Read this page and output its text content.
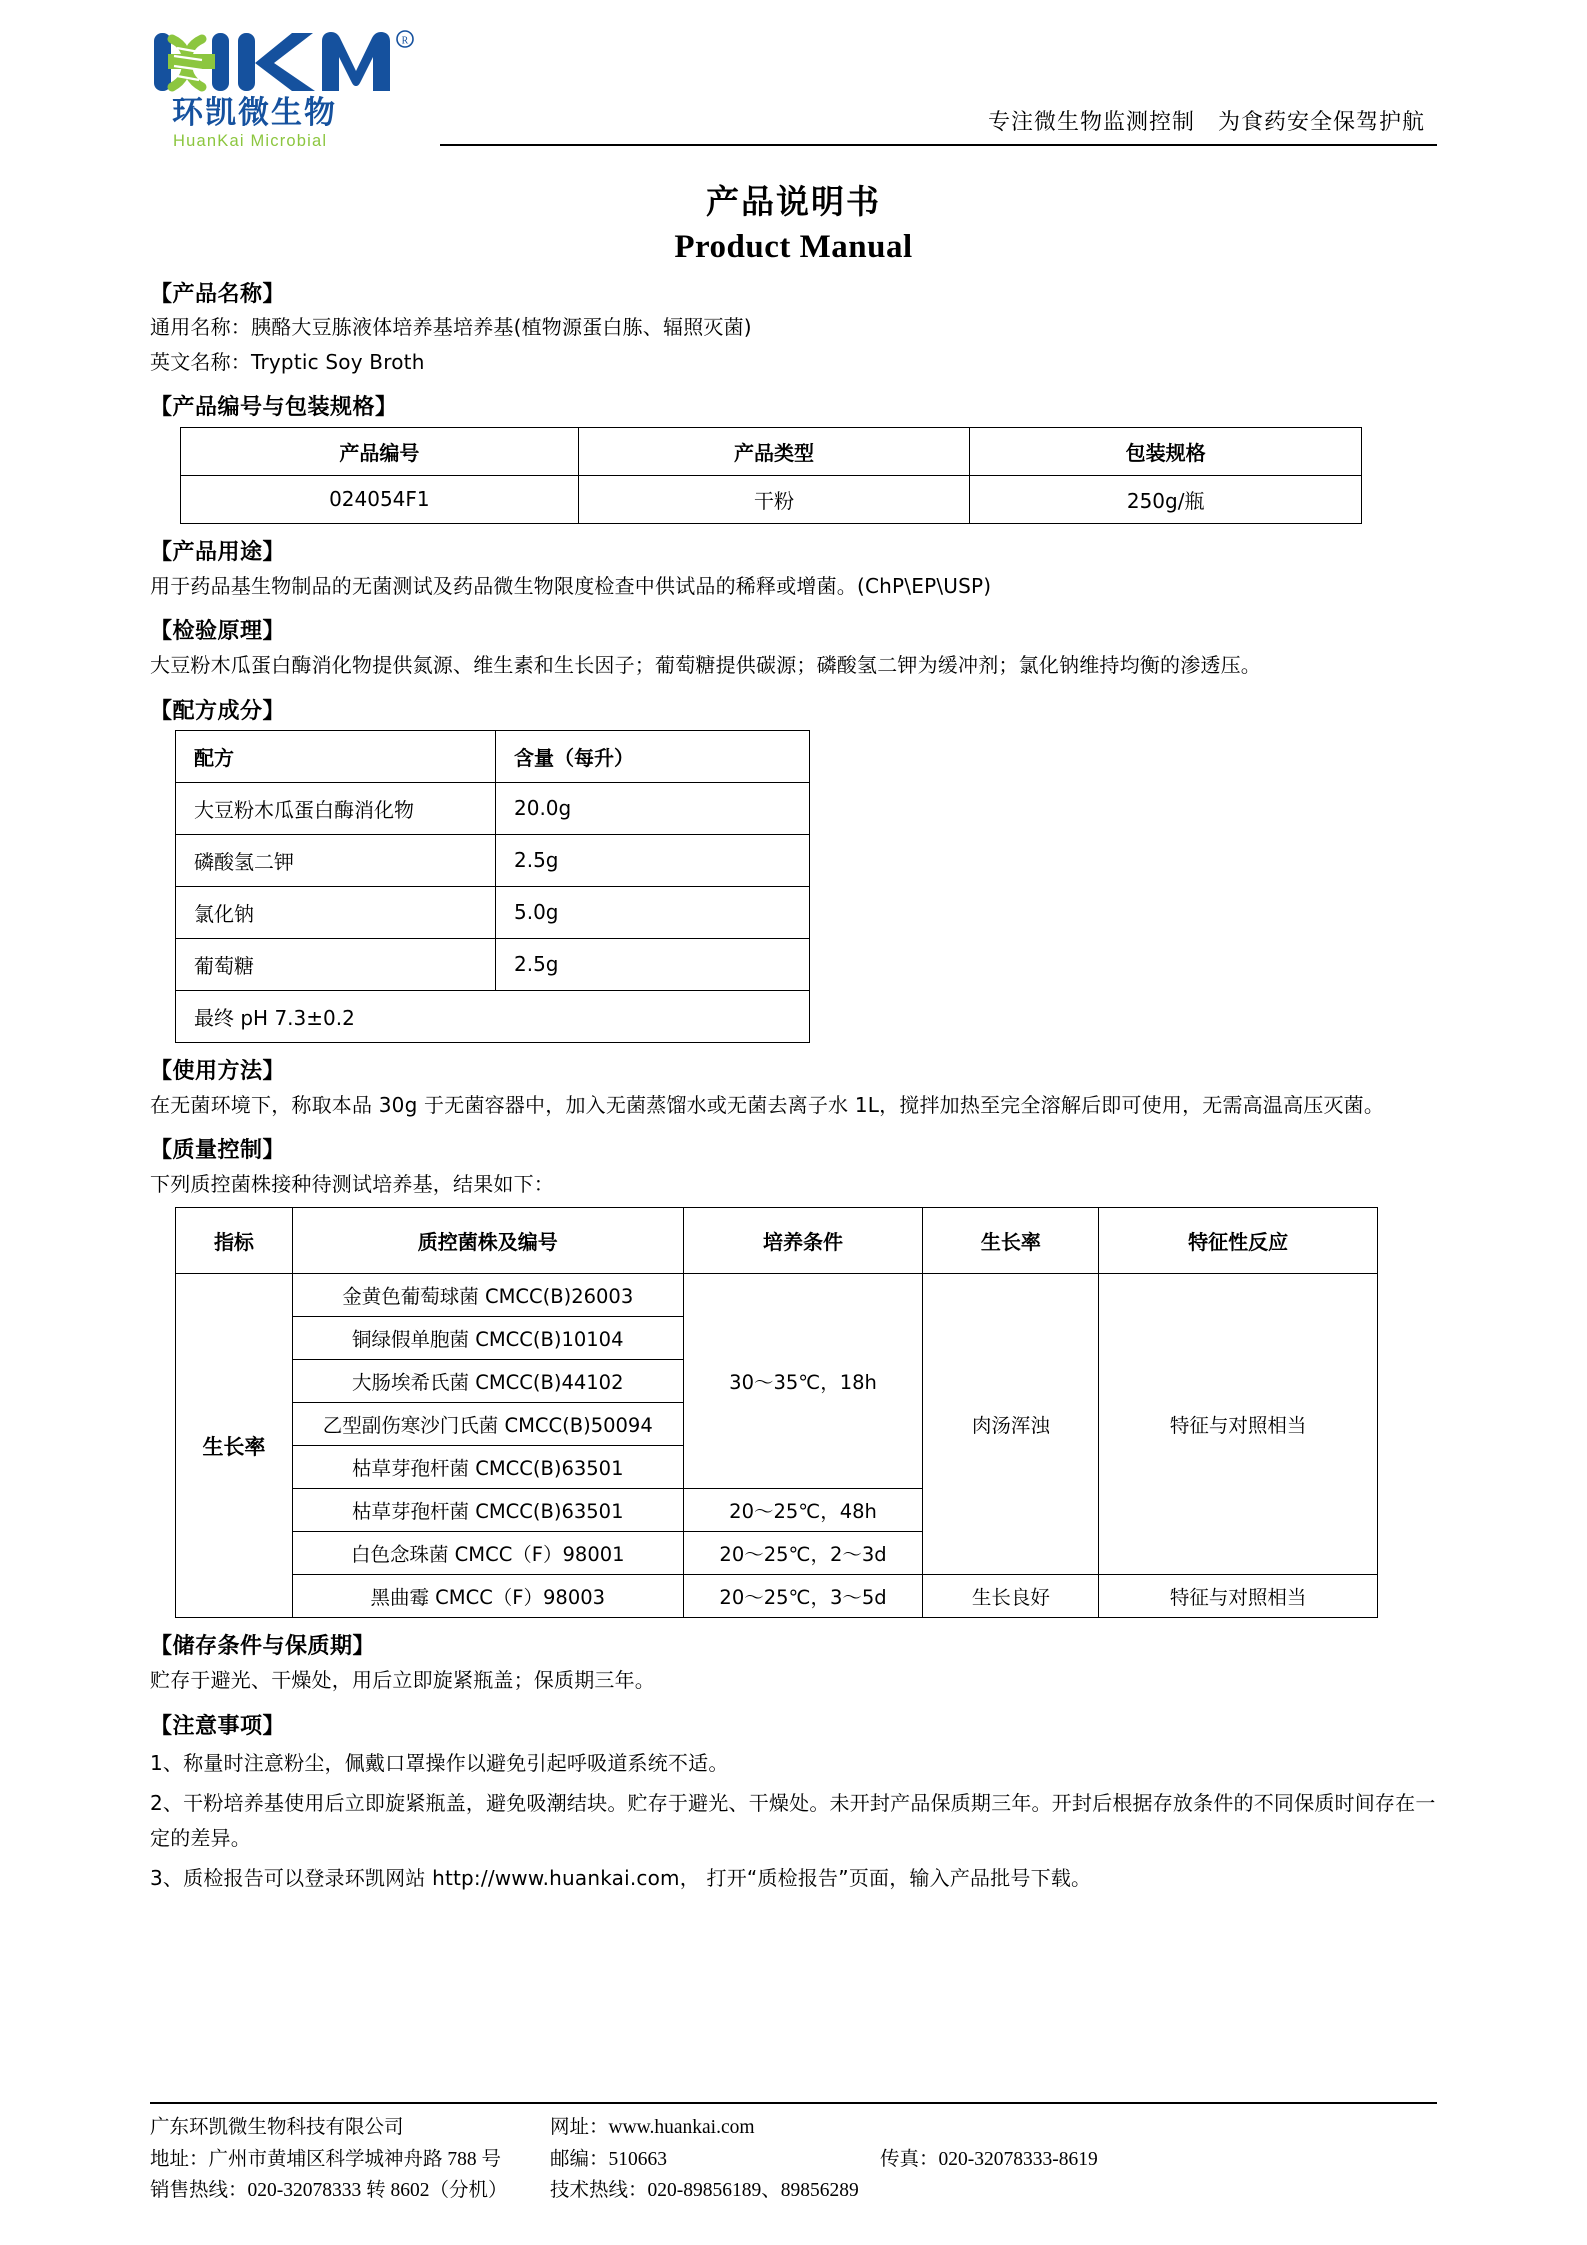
R
环凯微生物
HuanKai Microbial
专注微生物监测控制　为食药安全保驾护航
产品说明书
Product Manual
【产品名称】
通用名称：胰酪大豆胨液体培养基培养基(植物源蛋白胨、辐照灭菌)
英文名称：Tryptic Soy Broth
【产品编号与包装规格】
产品编号	产品类型	包装规格
024054F1	干粉	250g/瓶
【产品用途】
用于药品基生物制品的无菌测试及药品微生物限度检查中供试品的稀释或增菌。(ChP\EP\USP)
【检验原理】
大豆粉木瓜蛋白酶消化物提供氮源、维生素和生长因子；葡萄糖提供碳源；磷酸氢二钾为缓冲剂；氯化钠维持均衡的渗透压。
【配方成分】
配方	含量（每升）
大豆粉木瓜蛋白酶消化物	20.0g
磷酸氢二钾	2.5g
氯化钠	5.0g
葡萄糖	2.5g
最终 pH 7.3±0.2	
【使用方法】
在无菌环境下，称取本品 30g 于无菌容器中，加入无菌蒸馏水或无菌去离子水 1L，搅拌加热至完全溶解后即可使用，无需高温高压灭菌。
【质量控制】
下列质控菌株接种待测试培养基，结果如下：
指标	质控菌株及编号	培养条件	生长率	特征性反应
生长率	金黄色葡萄球菌 CMCC(B)26003	30～35℃，18h	肉汤浑浊	特征与对照相当
	铜绿假单胞菌 CMCC(B)10104			
	大肠埃希氏菌 CMCC(B)44102			
	乙型副伤寒沙门氏菌 CMCC(B)50094			
	枯草芽孢杆菌 CMCC(B)63501			
	枯草芽孢杆菌 CMCC(B)63501	20～25℃，48h		
	白色念珠菌 CMCC（F）98001	20～25℃，2～3d		
	黑曲霉 CMCC（F）98003	20～25℃，3～5d	生长良好	特征与对照相当
【储存条件与保质期】
贮存于避光、干燥处，用后立即旋紧瓶盖；保质期三年。
【注意事项】
1、称量时注意粉尘，佩戴口罩操作以避免引起呼吸道系统不适。
2、干粉培养基使用后立即旋紧瓶盖，避免吸潮结块。贮存于避光、干燥处。未开封产品保质期三年。开封后根据存放条件的不同保质时间存在一定的差异。
3、质检报告可以登录环凯网站 http://www.huankai.com， 打开“质检报告”页面，输入产品批号下载。
广东环凯微生物科技有限公司	网址：www.huankai.com
地址：广州市黄埔区科学城神舟路 788 号	邮编：510663	传真：020-32078333-8619
销售热线：020-32078333 转 8602（分机）	技术热线：020-89856189、89856289
